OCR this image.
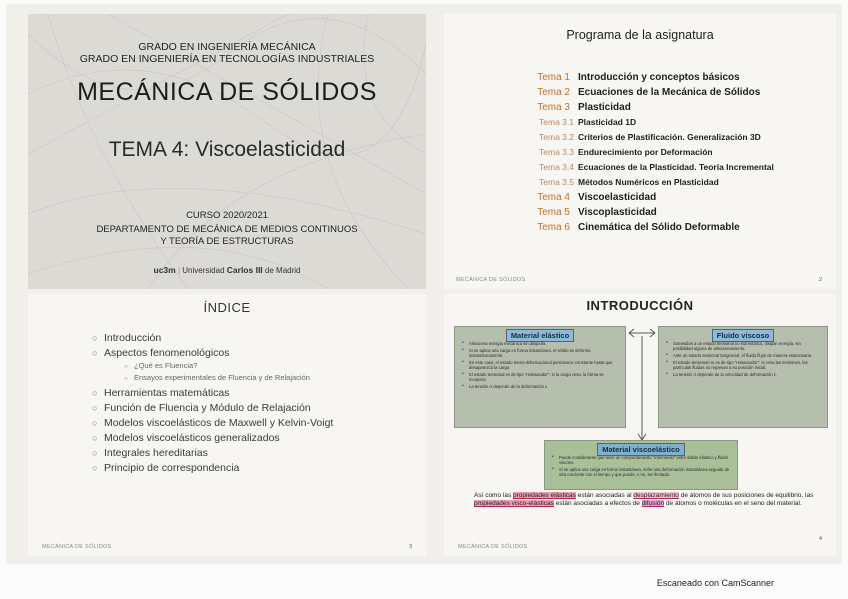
GRADO EN INGENIERÍA MECÁNICA
GRADO EN INGENIERÍA EN TECNOLOGÍAS INDUSTRIALES
MECÁNICA DE SÓLIDOS
TEMA 4: Viscoelasticidad
CURSO 2020/2021
DEPARTAMENTO DE MECÁNICA DE MEDIOS CONTINUOS
Y TEORÍA DE ESTRUCTURAS
uc3m | Universidad Carlos III de Madrid
Programa de la asignatura
Tema 1 Introducción y conceptos básicos
Tema 2 Ecuaciones de la Mecánica de Sólidos
Tema 3 Plasticidad
Tema 3.1 Plasticidad 1D
Tema 3.2 Criterios de Plastificación. Generalización 3D
Tema 3.3 Endurecimiento por Deformación
Tema 3.4 Ecuaciones de la Plasticidad. Teoría Incremental
Tema 3.5 Métodos Numéricos en Plasticidad
Tema 4 Viscoelasticidad
Tema 5 Viscoplasticidad
Tema 6 Cinemática del Sólido Deformable
MECÁNICA DE SÓLIDOS	2
ÍNDICE
○ Introducción
○ Aspectos fenomenológicos
○ ¿Qué es Fluencia?
○ Ensayos experimentales de Fluencia y de Relajación
○ Herramientas matemáticas
○ Función de Fluencia y Módulo de Relajación
○ Modelos viscoelásticos de Maxwell y Kelvin-Voigt
○ Modelos viscoelásticos generalizados
○ Integrales hereditarias
○ Principio de correspondencia
MECÁNICA DE SÓLIDOS	3
INTRODUCCIÓN
Material elástico
• Almacena energía mecánica sin disiparla.
• Si se aplica una carga en forma instantánea, el sólido se deforma instantáneamente.
• En este caso, el estado tenso-deformacional permanece constante hasta que desaparezca la carga.
• El estado tensional es de tipo "restaurador": si la carga cesa, la forma se recupera.
• La tensión σ depende de la deformación ε.
Fluido viscoso
• Sometidos a un estado tensional no hidrostático, disipan energía, sin posibilidad alguna de almacenamiento.
• Ante un estado tensional tangencial, el fluido fluye de manera estacionaria.
• El estado tensional no es de tipo "restaurador": si cesa las tensiones, las partículas fluidas no regresan a su posición inicial.
• La tensión σ depende de la velocidad de deformación ε̇.
Material viscoelástico
• Puede considerarse que tiene un comportamiento "intermedio" entre sólido elástico y fluido viscoso.
• Si se aplica una carga en forma instantánea, sufre una deformación instantánea seguida de otra creciente con el tiempo y que puede, o no, ser limitada.
Así como las propiedades elásticas están asociadas al desplazamiento de átomos de sus posiciones de equilibrio, las propiedades visco-elásticas están asociadas a efectos de difusión de átomos o moléculas en el seno del material.
MECÁNICA DE SÓLIDOS
4
Escaneado con CamScanner
